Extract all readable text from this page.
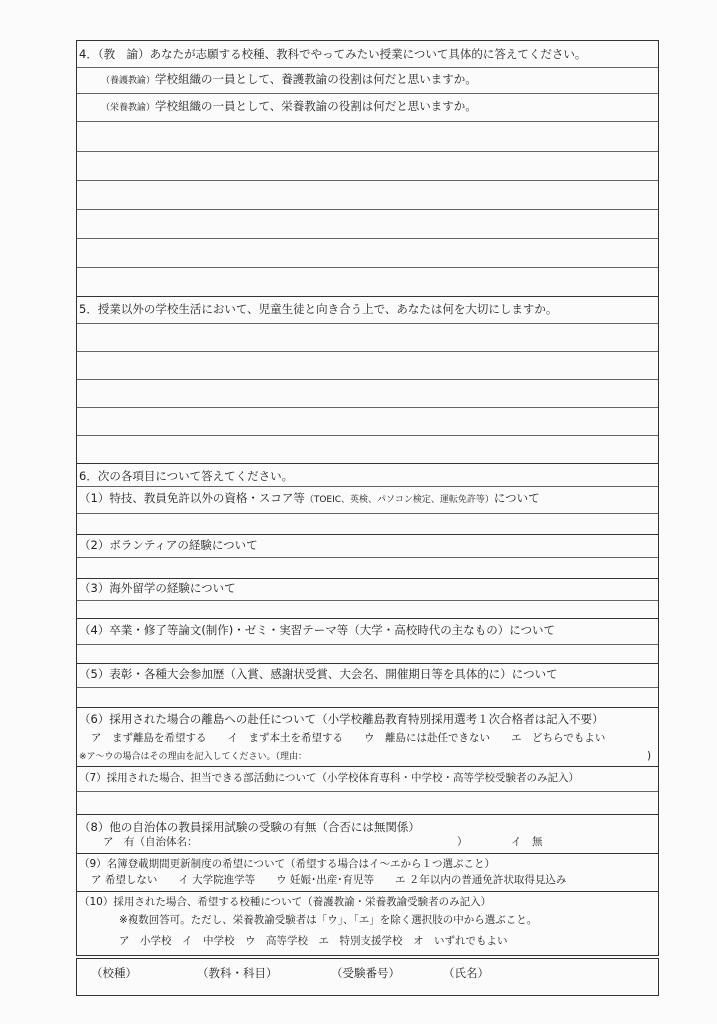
4．（教　諭）あなたが志願する校種、教科でやってみたい授業について具体的に答えてください。
（養護教諭）学校組織の一員として、養護教諭の役割は何だと思いますか。
（栄養教諭）学校組織の一員として、栄養教諭の役割は何だと思いますか。
5．授業以外の学校生活において、児童生徒と向き合う上で、あなたは何を大切にしますか。
6．次の各項目について答えてください。
（1）特技、教員免許以外の資格・スコア等（TOEIC、英検、パソコン検定、運転免許等）について
（2）ボランティアの経験について
（3）海外留学の経験について
（4）卒業・修了等論文(制作)・ゼミ・実習テーマ等（大学・高校時代の主なもの）について
（5）表彰・各種大会参加歴（入賞、感謝状受賞、大会名、開催期日等を具体的に）について
（6）採用された場合の離島への赴任について（小学校離島教育特別採用選考１次合格者は記入不要）
ア　まず離島を希望する　　イ　まず本土を希望する　　ウ　離島には赴任できない　　エ　どちらでもよい
※ア～ウの場合はその理由を記入してください。（理由：	)
（7）採用された場合、担当できる部活動について（小学校体育専科・中学校・高等学校受験者のみ記入）
（8）他の自治体の教員採用試験の受験の有無（合否には無関係）
ア　有（自治体名：	）	イ　無
（9）名簿登載期間更新制度の希望について（希望する場合はイ～エから１つ選ぶこと）
ア 希望しない　　イ 大学院進学等　　ウ 妊娠･出産･育児等　　エ ２年以内の普通免許状取得見込み
（10）採用された場合、希望する校種について（養護教諭・栄養教諭受験者のみ記入）
※複数回答可。ただし、栄養教諭受験者は「ウ」、「エ」を除く選択肢の中から選ぶこと。
ア　小学校　イ　中学校　ウ　高等学校　エ　特別支援学校　オ　いずれでもよい
（校種）	（教科・科目）	（受験番号）	（氏名）
